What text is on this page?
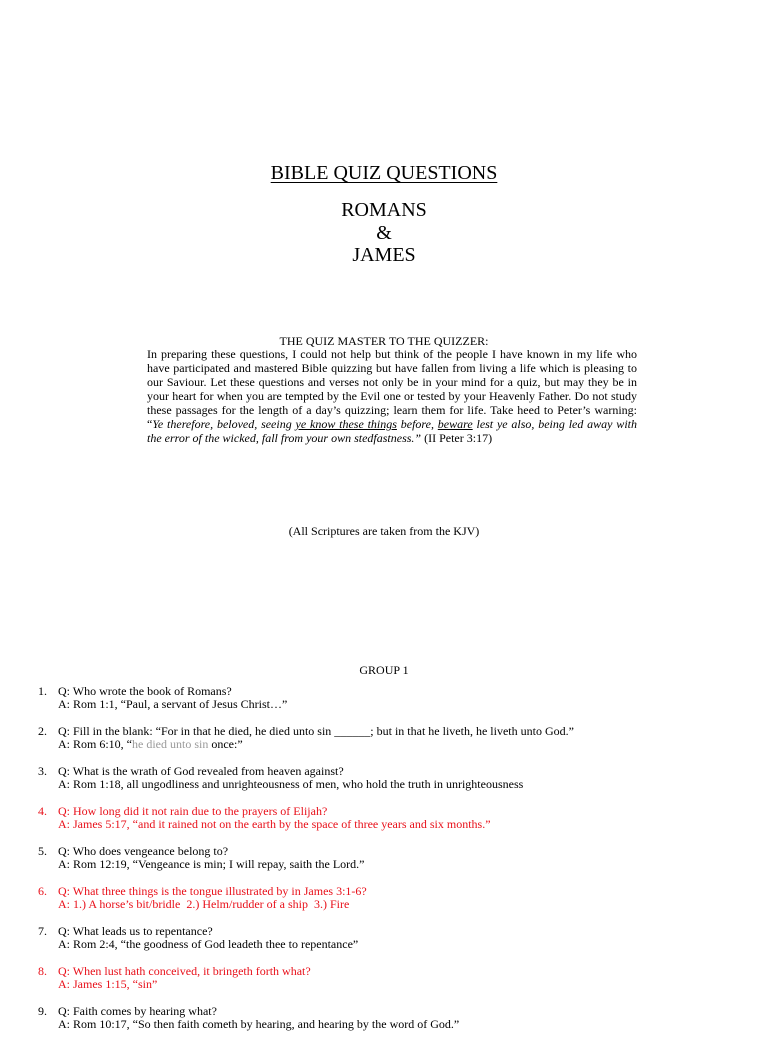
BIBLE QUIZ QUESTIONS
ROMANS
&
JAMES
THE QUIZ MASTER TO THE QUIZZER:
In preparing these questions, I could not help but think of the people I have known in my life who have participated and mastered Bible quizzing but have fallen from living a life which is pleasing to our Saviour. Let these questions and verses not only be in your mind for a quiz, but may they be in your heart for when you are tempted by the Evil one or tested by your Heavenly Father. Do not study these passages for the length of a day’s quizzing; learn them for life. Take heed to Peter’s warning: “Ye therefore, beloved, seeing ye know these things before, beware lest ye also, being led away with the error of the wicked, fall from your own stedfastness.” (II Peter 3:17)
(All Scriptures are taken from the KJV)
GROUP 1
1. Q: Who wrote the book of Romans?
A: Rom 1:1, “Paul, a servant of Jesus Christ…”
2. Q: Fill in the blank: “For in that he died, he died unto sin ______; but in that he liveth, he liveth unto God.”
A: Rom 6:10, “he died unto sin once:”
3. Q: What is the wrath of God revealed from heaven against?
A: Rom 1:18, all ungodliness and unrighteousness of men, who hold the truth in unrighteousness
4. Q: How long did it not rain due to the prayers of Elijah?
A: James 5:17, “and it rained not on the earth by the space of three years and six months.”
5. Q: Who does vengeance belong to?
A: Rom 12:19, “Vengeance is min; I will repay, saith the Lord.”
6. Q: What three things is the tongue illustrated by in James 3:1-6?
A: 1.) A horse’s bit/bridle  2.) Helm/rudder of a ship  3.) Fire
7. Q: What leads us to repentance?
A: Rom 2:4, “the goodness of God leadeth thee to repentance”
8. Q: When lust hath conceived, it bringeth forth what?
A: James 1:15, “sin”
9. Q: Faith comes by hearing what?
A: Rom 10:17, “So then faith cometh by hearing, and hearing by the word of God.”
